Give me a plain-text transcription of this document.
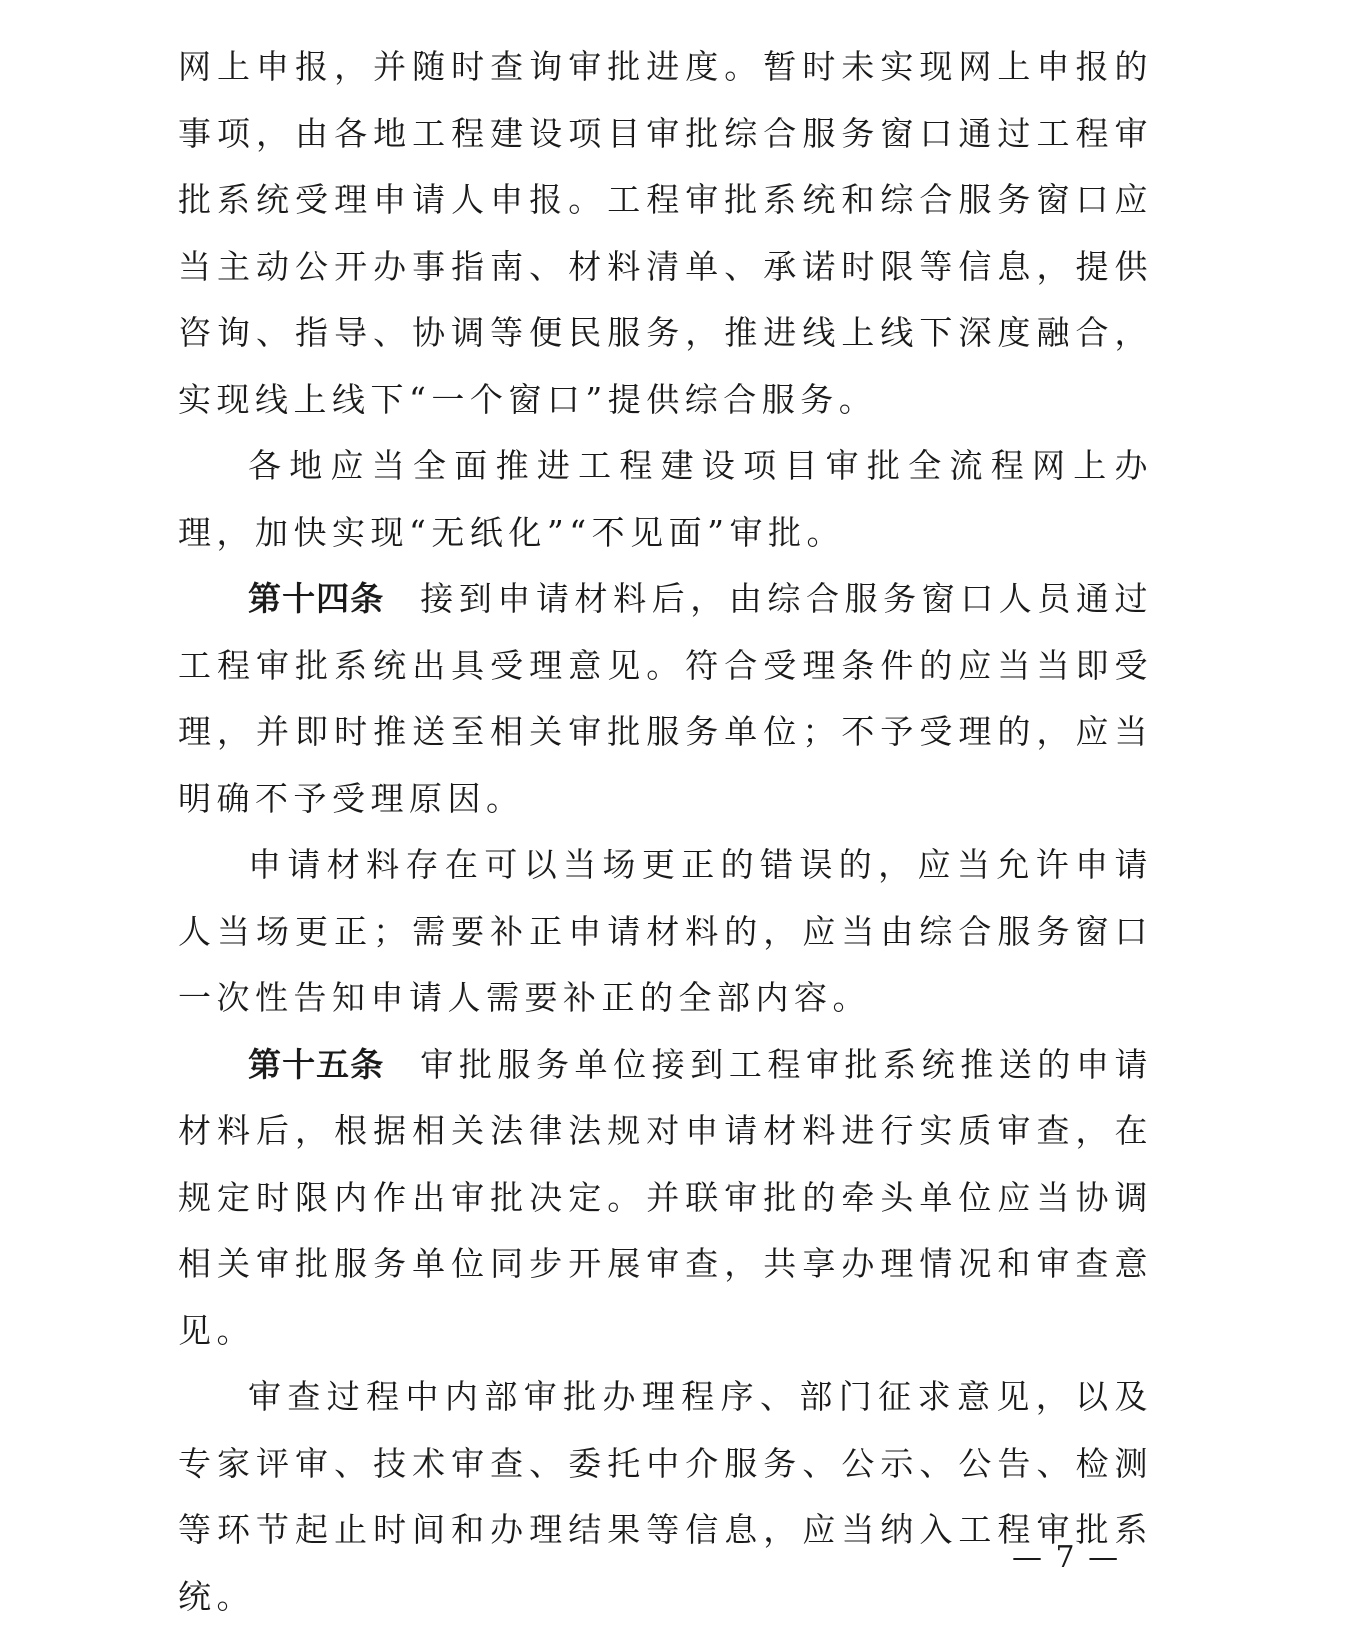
网上申报，并随时查询审批进度。暂时未实现网上申报的事项，由各地工程建设项目审批综合服务窗口通过工程审批系统受理申请人申报。工程审批系统和综合服务窗口应当主动公开办事指南、材料清单、承诺时限等信息，提供咨询、指导、协调等便民服务，推进线上线下深度融合，实现线上线下“一个窗口”提供综合服务。

各地应当全面推进工程建设项目审批全流程网上办理，加快实现“无纸化”“不见面”审批。

第十四条 接到申请材料后，由综合服务窗口人员通过工程审批系统出具受理意见。符合受理条件的应当当即受理，并即时推送至相关审批服务单位；不予受理的，应当明确不予受理原因。

申请材料存在可以当场更正的错误的，应当允许申请人当场更正；需要补正申请材料的，应当由综合服务窗口一次性告知申请人需要补正的全部内容。

第十五条 审批服务单位接到工程审批系统推送的申请材料后，根据相关法律法规对申请材料进行实质审查，在规定时限内作出审批决定。并联审批的牵头单位应当协调相关审批服务单位同步开展审查，共享办理情况和审查意见。

审查过程中内部审批办理程序、部门征求意见，以及专家评审、技术审查、委托中介服务、公示、公告、检测等环节起止时间和办理结果等信息，应当纳入工程审批系统。

— 7 —
